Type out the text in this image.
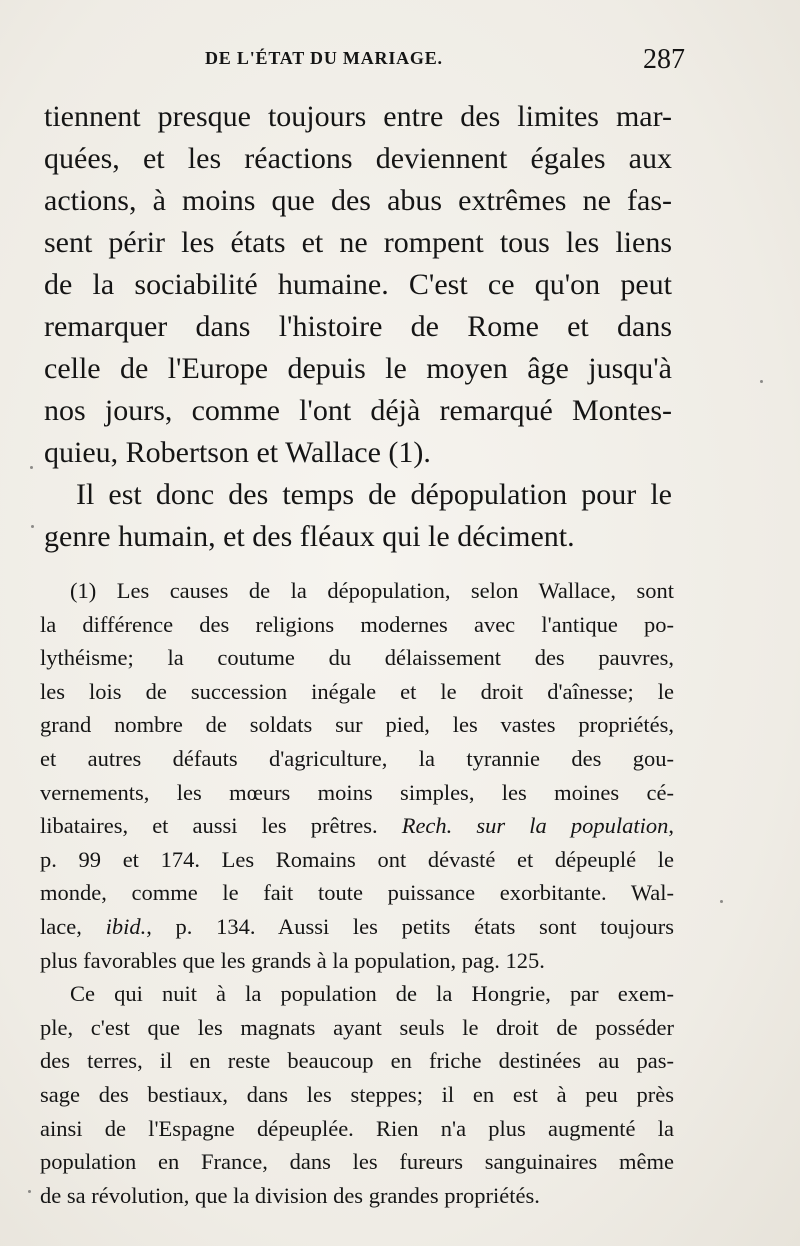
DE L'ÉTAT DU MARIAGE.	287
tiennent presque toujours entre des limites mar-
quées, et les réactions deviennent égales aux
actions, à moins que des abus extrêmes ne fas-
sent périr les états et ne rompent tous les liens
de la sociabilité humaine. C'est ce qu'on peut
remarquer dans l'histoire de Rome et dans
celle de l'Europe depuis le moyen âge jusqu'à
nos jours, comme l'ont déjà remarqué Montes-
quieu, Robertson et Wallace (1).
Il est donc des temps de dépopulation pour le
genre humain, et des fléaux qui le déciment.
(1) Les causes de la dépopulation, selon Wallace, sont
la différence des religions modernes avec l'antique po-
lythéisme; la coutume du délaissement des pauvres,
les lois de succession inégale et le droit d'aînesse; le
grand nombre de soldats sur pied, les vastes propriétés,
et autres défauts d'agriculture, la tyrannie des gou-
vernements, les mœurs moins simples, les moines cé-
libataires, et aussi les prêtres. Rech. sur la population,
p. 99 et 174. Les Romains ont dévasté et dépeuplé le
monde, comme le fait toute puissance exorbitante. Wal-
lace, ibid., p. 134. Aussi les petits états sont toujours
plus favorables que les grands à la population, pag. 125.
Ce qui nuit à la population de la Hongrie, par exem-
ple, c'est que les magnats ayant seuls le droit de posséder
des terres, il en reste beaucoup en friche destinées au pas-
sage des bestiaux, dans les steppes; il en est à peu près
ainsi de l'Espagne dépeuplée. Rien n'a plus augmenté la
population en France, dans les fureurs sanguinaires même
de sa révolution, que la division des grandes propriétés.
